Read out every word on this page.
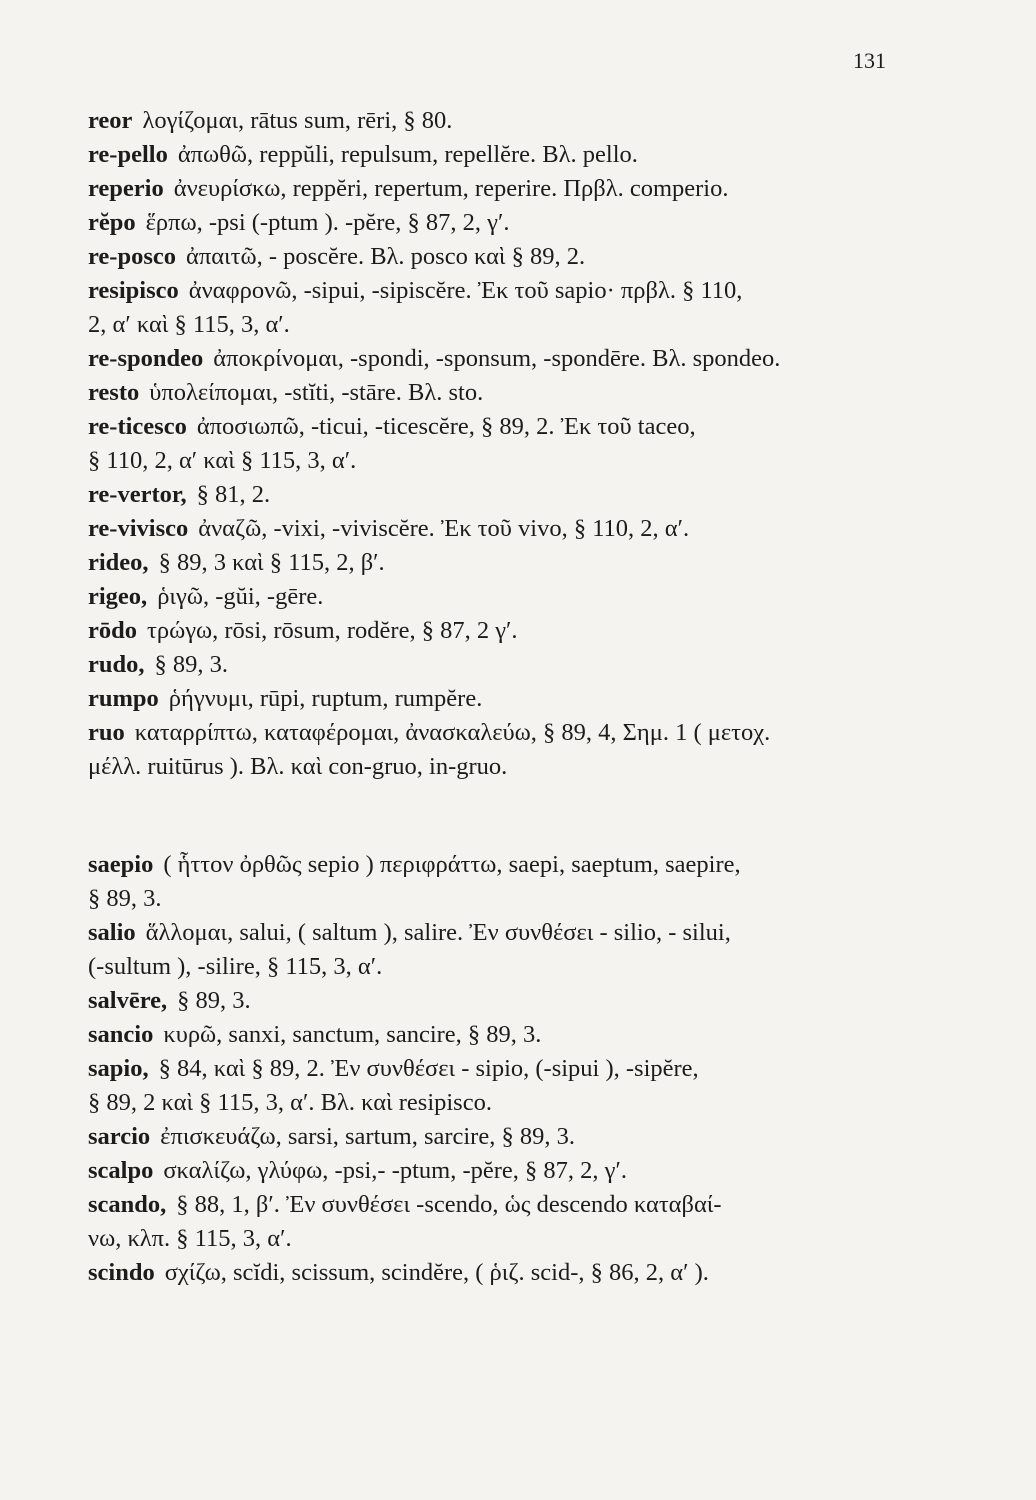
131
reor λογίζομαι, rātus sum, rēri, § 80.
re-pello ἀπωθῶ, reppŭli, repulsum, repellĕre. Βλ. pello.
reperio ἀνευρίσκω, reppĕri, repertum, reperire. Πρβλ. comperio.
rĕpo ἕρπω, -psi (-ptum ). -pĕre, § 87, 2, γ′.
re-posco ἀπαιτῶ, - poscĕre. Βλ. posco καὶ § 89, 2.
resipisco ἀναφρονῶ, -sipui, -sipiscĕre. Ἐκ τοῦ sapio· πρβλ. § 110,
2, α′ καὶ § 115, 3, α′.
re-spondeo ἀποκρίνομαι, -spondi, -sponsum, -spondēre. Βλ. spondeo.
resto ὑπολείπομαι, -stĭti, -stāre. Βλ. sto.
re-ticesco ἀποσιωπῶ, -ticui, -ticescĕre, § 89, 2. Ἐκ τοῦ taceo,
§ 110, 2, α′ καὶ § 115, 3, α′.
re-vertor, § 81, 2.
re-vivisco ἀναζῶ, -vixi, -viviscĕre. Ἐκ τοῦ vivo, § 110, 2, α′.
rideo, § 89, 3 καὶ § 115, 2, β′.
rigeo, ῥιγῶ, -gŭi, -gēre.
rōdo τρώγω, rōsi, rōsum, rodĕre, § 87, 2 γ′.
rudo, § 89, 3.
rumpo ῥήγνυμι, rūpi, ruptum, rumpĕre.
ruo καταρρίπτω, καταφέρομαι, ἀνασκαλεύω, § 89, 4, Σημ. 1 ( μετοχ.
μέλλ. ruitūrus ). Βλ. καὶ con-gruo, in-gruo.
saepio ( ἧττον ὀρθῶς sepio ) περιφράττω, saepi, saeptum, saepire,
§ 89, 3.
salio ἅλλομαι, salui, ( saltum ), salire. Ἐν συνθέσει - silio, - silui,
(-sultum ), -silire, § 115, 3, α′.
salvēre, § 89, 3.
sancio κυρῶ, sanxi, sanctum, sancire, § 89, 3.
sapio, § 84, καὶ § 89, 2. Ἐν συνθέσει - sipio, (-sipui ), -sipĕre,
§ 89, 2 καὶ § 115, 3, α′. Βλ. καὶ resipisco.
sarcio ἐπισκευάζω, sarsi, sartum, sarcire, § 89, 3.
scalpo σκαλίζω, γλύφω, -psi,- -ptum, -pĕre, § 87, 2, γ′.
scando, § 88, 1, β′. Ἐν συνθέσει -scendo, ὡς descendo καταβαί-
νω, κλπ. § 115, 3, α′.
scindo σχίζω, scĭdi, scissum, scindĕre, ( ῥιζ. scid-, § 86, 2, α′ ).
